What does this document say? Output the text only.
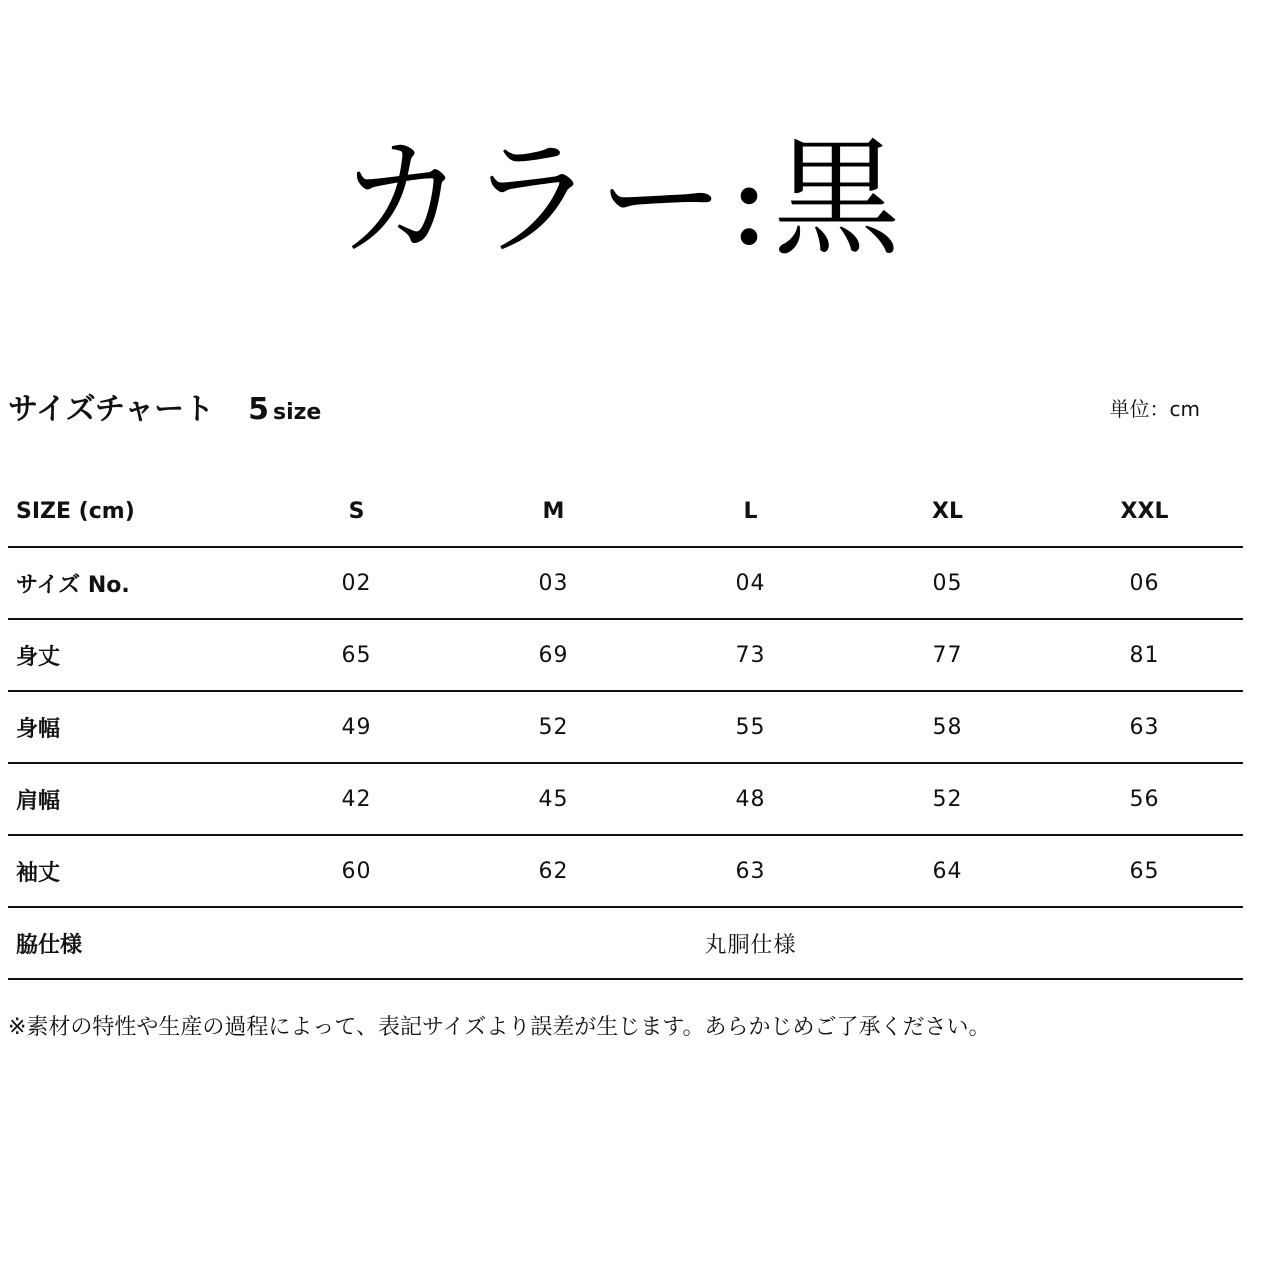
カラー:黒
サイズチャート 5 size	単位：cm
SIZE (cm)	S	M	L	XL	XXL
サイズ No.	02	03	04	05	06
身丈	65	69	73	77	81
身幅	49	52	55	58	63
肩幅	42	45	48	52	56
袖丈	60	62	63	64	65
脇仕様	丸胴仕様				
※素材の特性や生産の過程によって、表記サイズより誤差が生じます。あらかじめご了承ください。
